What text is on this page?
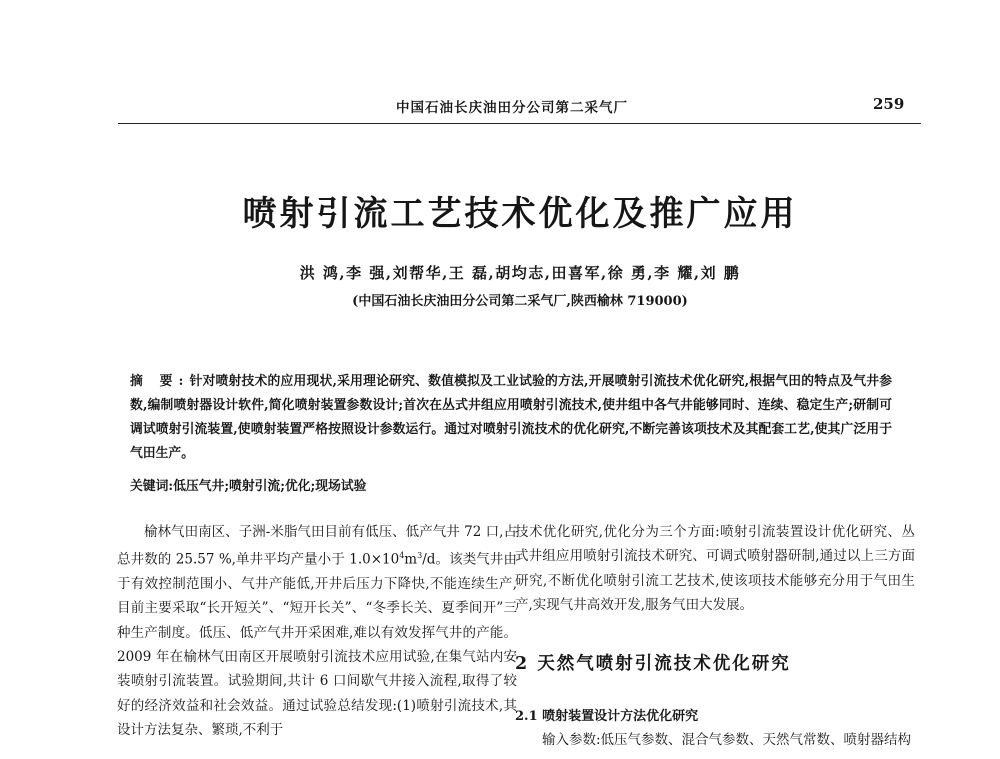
中国石油长庆油田分公司第二采气厂	259
喷射引流工艺技术优化及推广应用
洪 鸿,李 强,刘帮华,王 磊,胡均志,田喜军,徐 勇,李 耀,刘 鹏
(中国石油长庆油田分公司第二采气厂,陕西榆林 719000)
摘 要:针对喷射技术的应用现状,采用理论研究、数值模拟及工业试验的方法,开展喷射引流技术优化研究,根据气田的特点及气井参数,编制喷射器设计软件,简化喷射装置参数设计;首次在丛式井组应用喷射引流技术,使井组中各气井能够同时、连续、稳定生产;研制可调试喷射引流装置,使喷射装置严格按照设计参数运行。通过对喷射引流技术的优化研究,不断完善该项技术及其配套工艺,使其广泛用于气田生产。
关键词:低压气井;喷射引流;优化;现场试验
榆林气田南区、子洲-米脂气田目前有低压、低产气井 72 口,占总井数的 25.57 %,单井平均产量小于 $1.0\times 10^4m^3/d$。该类气井由于有效控制范围小、气井产能低,开井后压力下降快,不能连续生产,目前主要采取“长开短关”、“短开长关”、“冬季长关、夏季间开”三种生产制度。低压、低产气井开采困难,难以有效发挥气井的产能。2009 年在榆林气田南区开展喷射引流技术应用试验,在集气站内安装喷射引流装置。试验期间,共计 6 口间歇气井接入流程,取得了较好的经济效益和社会效益。通过试验总结发现:(1)喷射引流技术,其设计方法复杂、繁琐,不利于
技术优化研究,优化分为三个方面:喷射引流装置设计优化研究、丛式井组应用喷射引流技术研究、可调式喷射器研制,通过以上三方面研究,不断优化喷射引流工艺技术,使该项技术能够充分用于气田生产,实现气井高效开发,服务气田大发展。
2 天然气喷射引流技术优化研究
2.1 喷射装置设计方法优化研究
输入参数:低压气参数、混合气参数、天然气常数、喷射器结构
